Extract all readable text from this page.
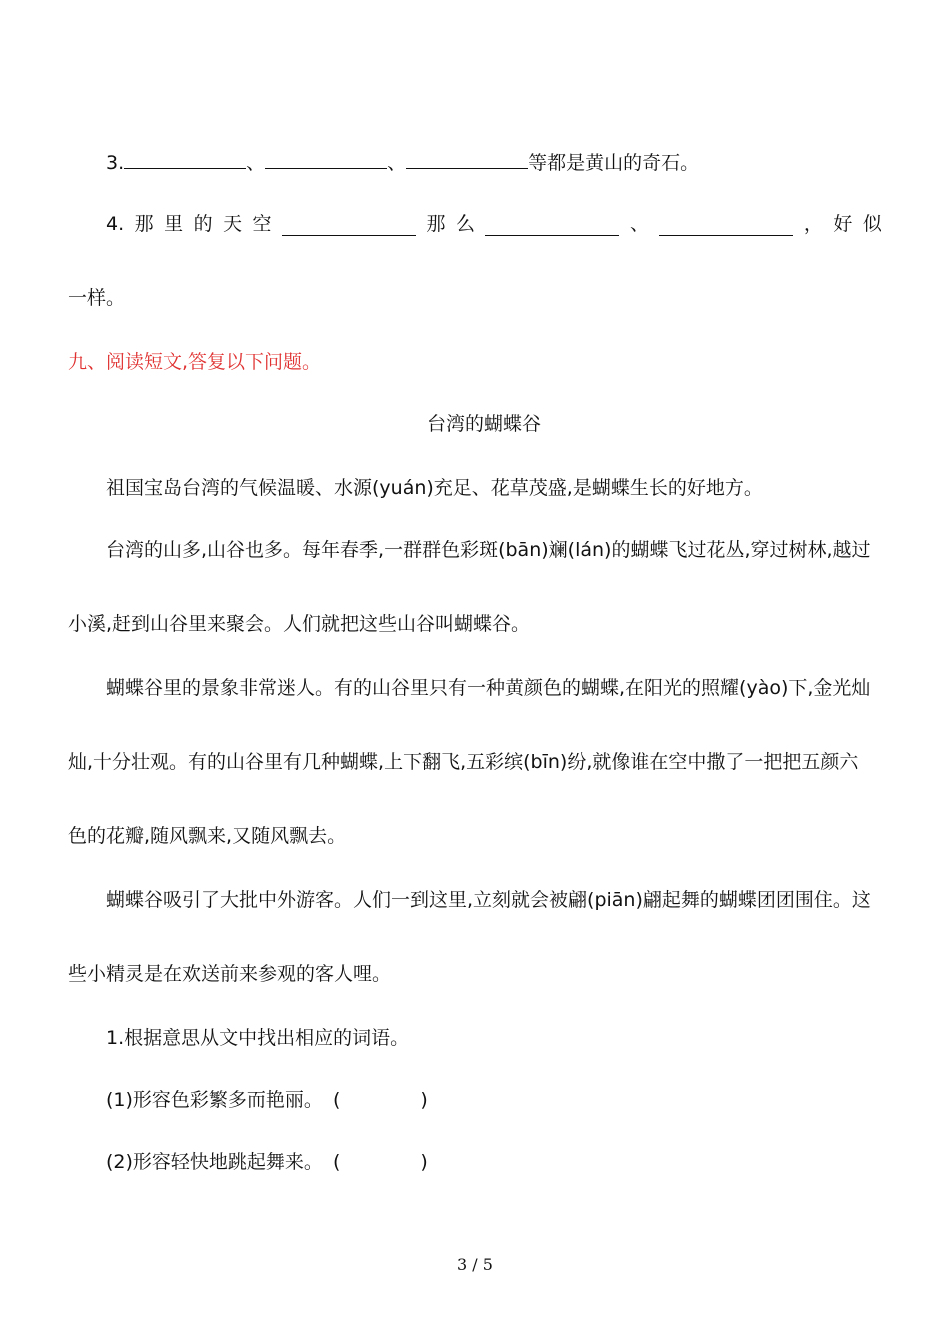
3.	、	、	等都是黄山的奇石。
4. 那 里 的 天 空	那 么	、	， 好 似
一样。
九、阅读短文,答复以下问题。
台湾的蝴蝶谷
祖国宝岛台湾的气候温暖、水源(yuán)充足、花草茂盛,是蝴蝶生长的好地方。
台湾的山多,山谷也多。每年春季,一群群色彩斑(bān)斓(lán)的蝴蝶飞过花丛,穿过树林,越过
小溪,赶到山谷里来聚会。人们就把这些山谷叫蝴蝶谷。
蝴蝶谷里的景象非常迷人。有的山谷里只有一种黄颜色的蝴蝶,在阳光的照耀(yào)下,金光灿
灿,十分壮观。有的山谷里有几种蝴蝶,上下翻飞,五彩缤(bīn)纷,就像谁在空中撒了一把把五颜六
色的花瓣,随风飘来,又随风飘去。
蝴蝶谷吸引了大批中外游客。人们一到这里,立刻就会被翩(piān)翩起舞的蝴蝶团团围住。这
些小精灵是在欢送前来参观的客人哩。
1.根据意思从文中找出相应的词语。
(1)形容色彩繁多而艳丽。 (	)
(2)形容轻快地跳起舞来。 (	)
3 / 5
